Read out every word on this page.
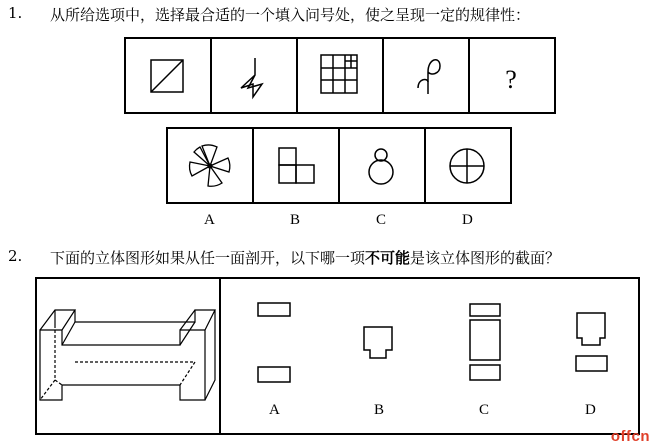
1. 从所给选项中，选择最合适的一个填入问号处，使之呈现一定的规律性：
?
A	B	C	D
A	B	C	D
2. 下面的立体图形如果从任一面剖开，以下哪一项不可能是该立体图形的截面？
offcn
